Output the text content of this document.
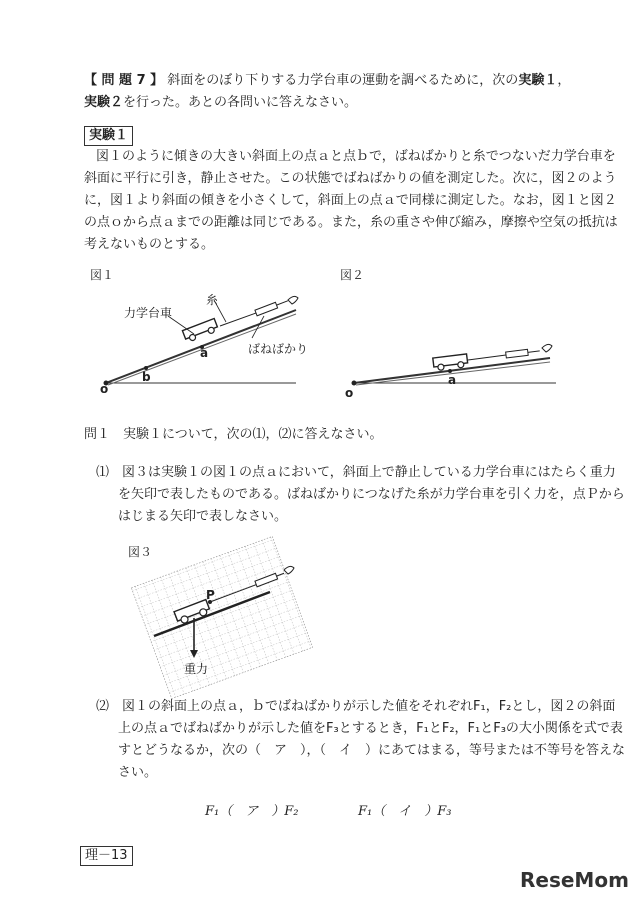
【 問 題 7 】 斜面をのぼり下りする力学台車の運動を調べるために，次の実験１，
実験２を行った。あとの各問いに答えなさい。
実験１
図１のように傾きの大きい斜面上の点ａと点ｂで，ばねばかりと糸でつないだ力学台車を
斜面に平行に引き，静止させた。この状態でばねばかりの値を測定した。次に，図２のよう
に，図１より斜面の傾きを小さくして，斜面上の点ａで同様に測定した。なお，図１と図２
の点ｏから点ａまでの距離は同じである。また，糸の重さや伸び縮み，摩擦や空気の抵抗は
考えないものとする。
図１
力学台車
糸
ばねばかり
a
b
o
図２
a
o
問１　実験１について，次の⑴，⑵に答えなさい。
⑴　図３は実験１の図１の点ａにおいて，斜面上で静止している力学台車にはたらく重力
を矢印で表したものである。ばねばかりにつなげた糸が力学台車を引く力を，点Ｐから
はじまる矢印で表しなさい。
図３
P
重力
⑵　図１の斜面上の点ａ，ｂでばねばかりが示した値をそれぞれF₁，F₂とし，図２の斜面
上の点ａでばねばかりが示した値をF₃とするとき，F₁とF₂，F₁とF₃の大小関係を式で表
すとどうなるか，次の（　ア　），（　イ　）にあてはまる，等号または不等号を答えな
さい。
F₁（　ア　）F₂	F₁（　イ　）F₃
理－13
ReseMom
